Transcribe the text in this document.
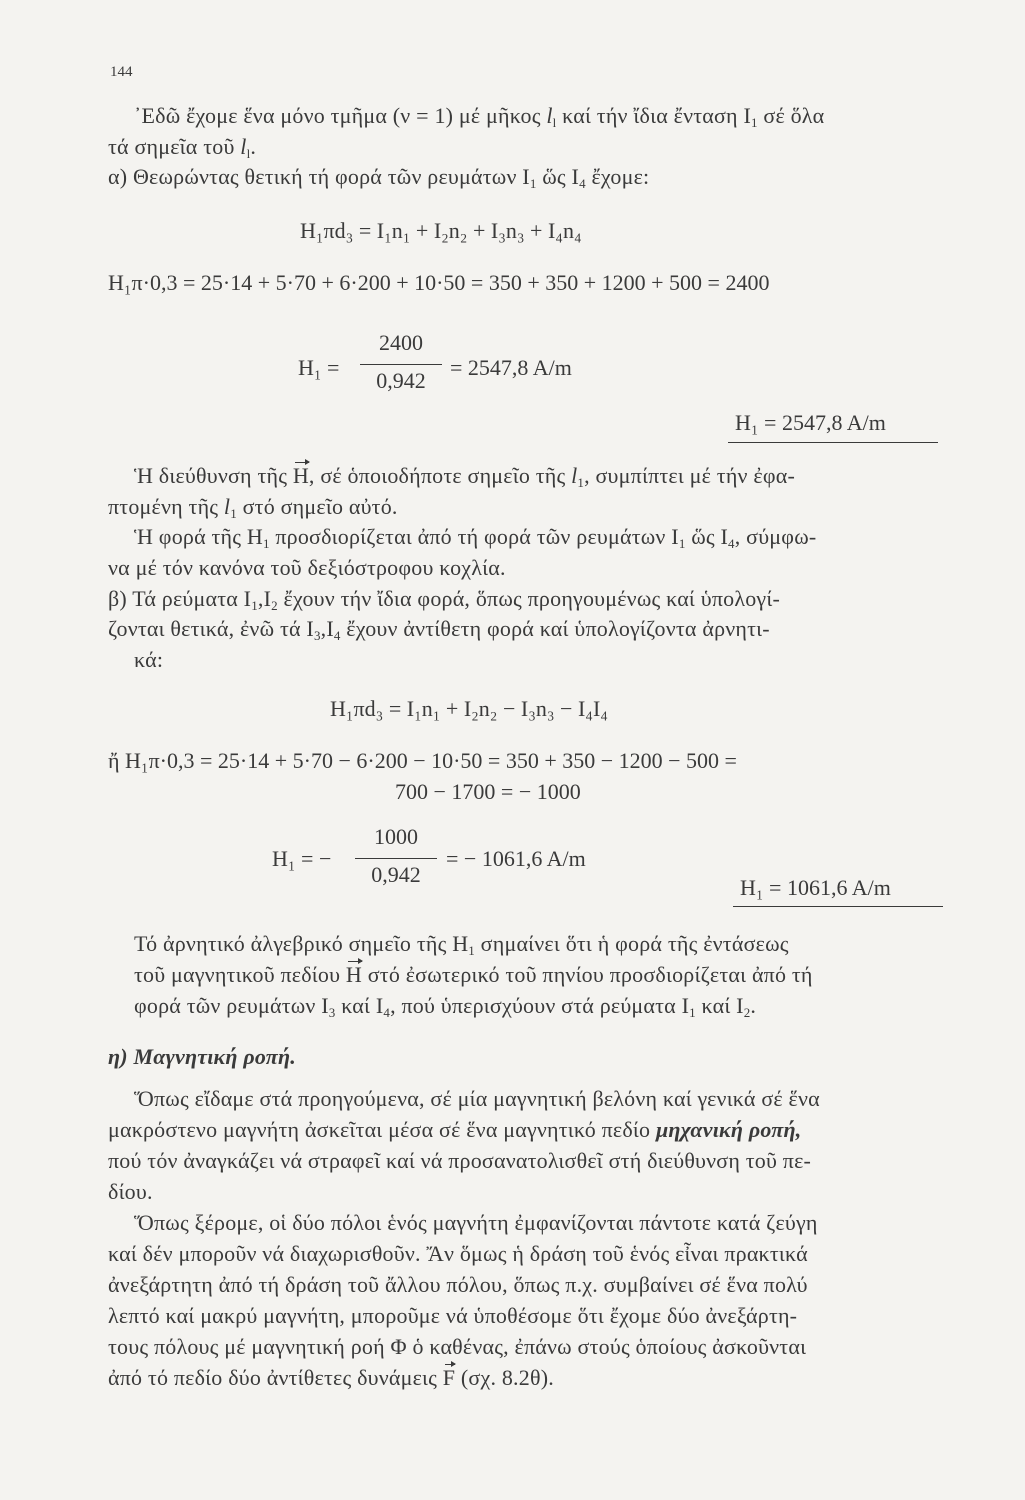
144
᾽Εδῶ ἔχομε ἕνα μόνο τμῆμα (ν = 1) μέ μῆκος $l_l$ καί τήν ἴδια ἔνταση $I_1$ σέ ὅλα
τά σημεῖα τοῦ $l_l$.
α) Θεωρώντας θετική τή φορά τῶν ρευμάτων $I_1$ ὥς $I_4$ ἔχομε:
H₁πd₃ = I₁n₁ + I₂n₂ + I₃n₃ + I₄n₄
H₁π·0,3 = 25·14 + 5·70 + 6·200 + 10·50 = 350 + 350 + 1200 + 500 = 2400
H₁ =
2400
0,942
= 2547,8 A/m
H₁ = 2547,8 A/m
Ἡ διεύθυνση τῆς H, σέ ὁποιοδήποτε σημεῖο τῆς $l_1$, συμπίπτει μέ τήν ἐφα-
πτομένη τῆς $l_1$ στό σημεῖο αὐτό.
Ἡ φορά τῆς $H_1$ προσδιορίζεται ἀπό τή φορά τῶν ρευμάτων $I_1$ ὥς $I_4$, σύμφω-
να μέ τόν κανόνα τοῦ δεξιόστροφου κοχλία.
β) Τά ρεύματα $I_1,I_2$ ἔχουν τήν ἴδια φορά, ὅπως προηγουμένως καί ὑπολογί-
ζονται θετικά, ἐνῶ τά $I_3,I_4$ ἔχουν ἀντίθετη φορά καί ὑπολογίζοντα ἀρνητι-
κά:
H₁πd₃ = I₁n₁ + I₂n₂ − I₃n₃ − I₄I₄
ἤ H₁π·0,3 = 25·14 + 5·70 − 6·200 − 10·50 = 350 + 350 − 1200 − 500 =
700 − 1700 = − 1000
H₁ = −
1000
0,942
= − 1061,6 A/m
H₁ = 1061,6 A/m
Τό ἀρνητικό ἀλγεβρικό σημεῖο τῆς $H_1$ σημαίνει ὅτι ἡ φορά τῆς ἐντάσεως
τοῦ μαγνητικοῦ πεδίου H στό ἐσωτερικό τοῦ πηνίου προσδιορίζεται ἀπό τή
φορά τῶν ρευμάτων $I_3$ καί $I_4$, πού ὑπερισχύουν στά ρεύματα $I_1$ καί $I_2$.
η) Μαγνητική ροπή.
Ὅπως εἴδαμε στά προηγούμενα, σέ μία μαγνητική βελόνη καί γενικά σέ ἕνα
μακρόστενο μαγνήτη ἀσκεῖται μέσα σέ ἕνα μαγνητικό πεδίο μηχανική ροπή,
πού τόν ἀναγκάζει νά στραφεῖ καί νά προσανατολισθεῖ στή διεύθυνση τοῦ πε-
δίου.
Ὅπως ξέρομε, οἱ δύο πόλοι ἑνός μαγνήτη ἐμφανίζονται πάντοτε κατά ζεύγη
καί δέν μποροῦν νά διαχωρισθοῦν. Ἄν ὅμως ἡ δράση τοῦ ἑνός εἶναι πρακτικά
ἀνεξάρτητη ἀπό τή δράση τοῦ ἄλλου πόλου, ὅπως π.χ. συμβαίνει σέ ἕνα πολύ
λεπτό καί μακρύ μαγνήτη, μποροῦμε νά ὑποθέσομε ὅτι ἔχομε δύο ἀνεξάρτη-
τους πόλους μέ μαγνητική ροή Φ ὁ καθένας, ἐπάνω στούς ὁποίους ἀσκοῦνται
ἀπό τό πεδίο δύο ἀντίθετες δυνάμεις F (σχ. 8.2θ).
